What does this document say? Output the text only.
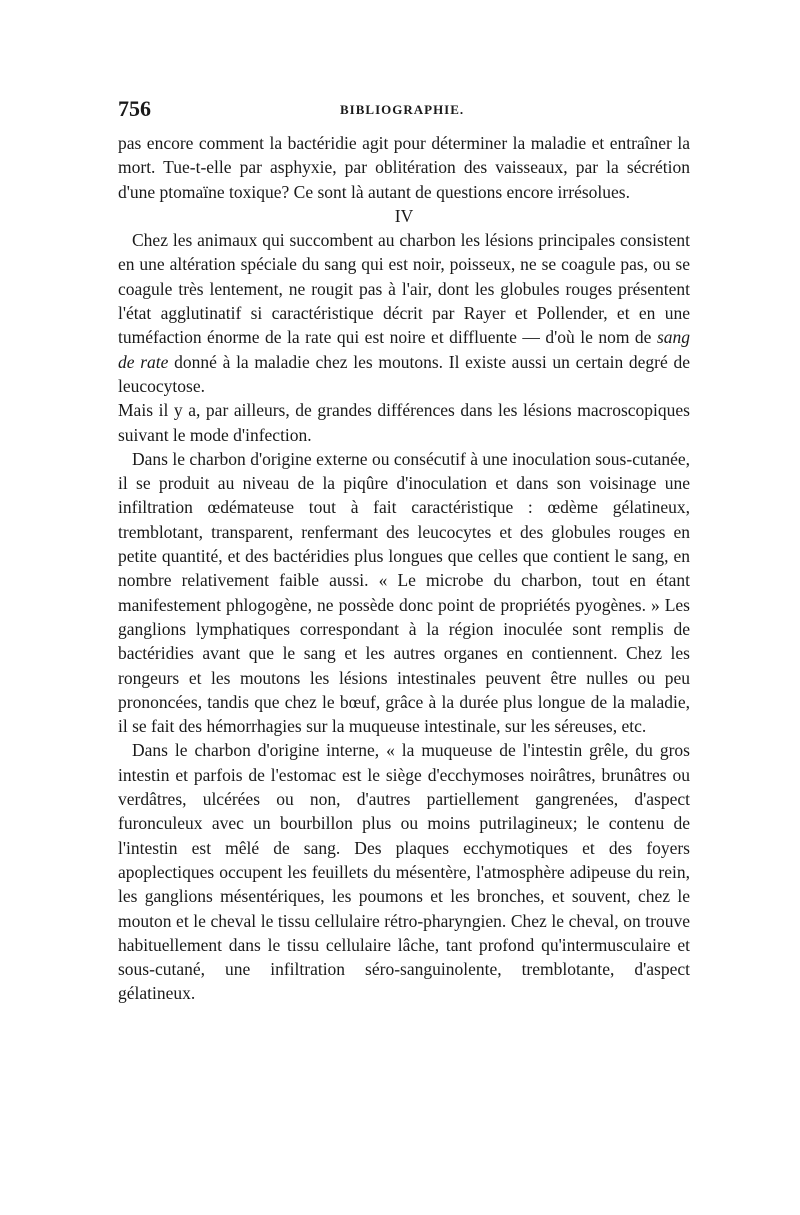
756	BIBLIOGRAPHIE.

pas encore comment la bactéridie agit pour déterminer la maladie et entraîner la mort. Tue-t-elle par asphyxie, par oblitération des vaisseaux, par la sécrétion d'une ptomaïne toxique? Ce sont là autant de questions encore irrésolues.

IV

Chez les animaux qui succombent au charbon les lésions principales consistent en une altération spéciale du sang qui est noir, poisseux, ne se coagule pas, ou se coagule très lentement, ne rougit pas à l'air, dont les globules rouges présentent l'état agglutinatif si caractéristique décrit par Rayer et Pollender, et en une tuméfaction énorme de la rate qui est noire et diffluente — d'où le nom de sang de rate donné à la maladie chez les moutons. Il existe aussi un certain degré de leucocytose.

Mais il y a, par ailleurs, de grandes différences dans les lésions macroscopiques suivant le mode d'infection.

Dans le charbon d'origine externe ou consécutif à une inoculation sous-cutanée, il se produit au niveau de la piqûre d'inoculation et dans son voisinage une infiltration œdémateuse tout à fait caractéristique : œdème gélatineux, tremblotant, transparent, renfermant des leucocytes et des globules rouges en petite quantité, et des bactéridies plus longues que celles que contient le sang, en nombre relativement faible aussi. « Le microbe du charbon, tout en étant manifestement phlogogène, ne possède donc point de propriétés pyogènes. » Les ganglions lymphatiques correspondant à la région inoculée sont remplis de bactéridies avant que le sang et les autres organes en contiennent. Chez les rongeurs et les moutons les lésions intestinales peuvent être nulles ou peu prononcées, tandis que chez le bœuf, grâce à la durée plus longue de la maladie, il se fait des hémorrhagies sur la muqueuse intestinale, sur les séreuses, etc.

Dans le charbon d'origine interne, « la muqueuse de l'intestin grêle, du gros intestin et parfois de l'estomac est le siège d'ecchymoses noirâtres, brunâtres ou verdâtres, ulcérées ou non, d'autres partiellement gangrenées, d'aspect furonculeux avec un bourbillon plus ou moins putrilagineux; le contenu de l'intestin est mêlé de sang. Des plaques ecchymotiques et des foyers apoplectiques occupent les feuillets du mésentère, l'atmosphère adipeuse du rein, les ganglions mésentériques, les poumons et les bronches, et souvent, chez le mouton et le cheval le tissu cellulaire rétro-pharyngien. Chez le cheval, on trouve habituellement dans le tissu cellulaire lâche, tant profond qu'intermusculaire et sous-cutané, une infiltration séro-sanguinolente, tremblotante, d'aspect gélatineux.
